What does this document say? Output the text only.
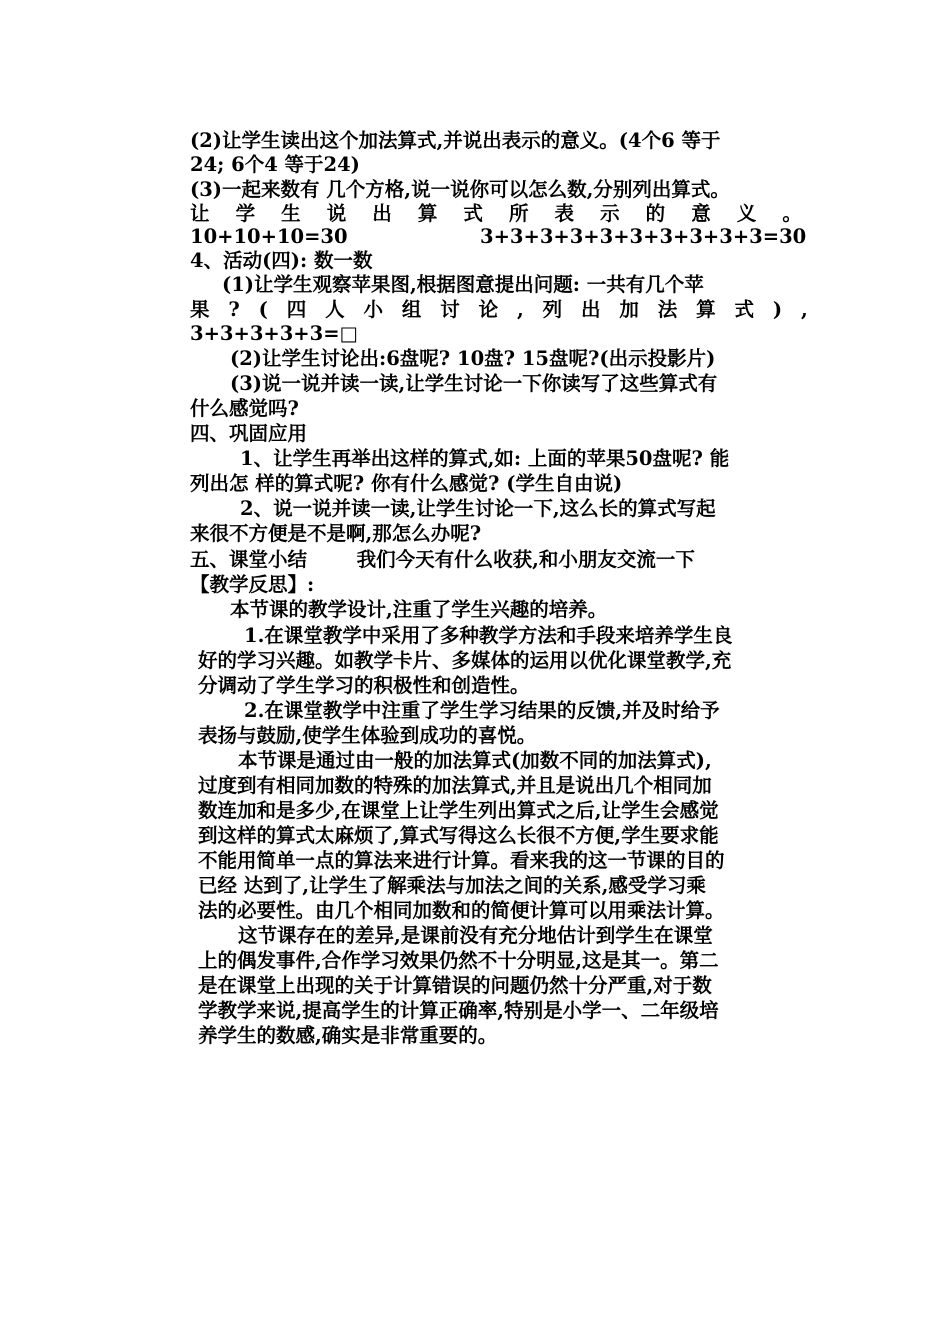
(2)让学生读出这个加法算式,并说出表示的意义。(4个6 等于
24; 6个4 等于24)
(3)一起来数有 几个方格,说一说你可以怎么数,分别列出算式。
让 学 生 说 出 算 式 所 表 示 的 意 义 。
10+10+10=30	3+3+3+3+3+3+3+3+3+3=30
4、活动(四): 数一数
(1)让学生观察苹果图,根据图意提出问题: 一共有几个苹
果 ? ( 四 人 小 组 讨 论 , 列 出 加 法 算 式 ) ,
3+3+3+3+3=□
(2)让学生讨论出:6盘呢? 10盘? 15盘呢?(出示投影片)
(3)说一说并读一读,让学生讨论一下你读写了这些算式有
什么感觉吗?
四、巩固应用
1、让学生再举出这样的算式,如: 上面的苹果50盘呢? 能
列出怎 样的算式呢? 你有什么感觉? (学生自由说)
2、说一说并读一读,让学生讨论一下,这么长的算式写起
来很不方便是不是啊,那怎么办呢?
五、课堂小结	我们今天有什么收获,和小朋友交流一下
【教学反思】:
本节课的教学设计,注重了学生兴趣的培养。
1.在课堂教学中采用了多种教学方法和手段来培养学生良
好的学习兴趣。如教学卡片、多媒体的运用以优化课堂教学,充
分调动了学生学习的积极性和创造性。
2.在课堂教学中注重了学生学习结果的反馈,并及时给予
表扬与鼓励,使学生体验到成功的喜悦。
本节课是通过由一般的加法算式(加数不同的加法算式),
过度到有相同加数的特殊的加法算式,并且是说出几个相同加
数连加和是多少,在课堂上让学生列出算式之后,让学生会感觉
到这样的算式太麻烦了,算式写得这么长很不方便,学生要求能
不能用简单一点的算法来进行计算。看来我的这一节课的目的
已经 达到了,让学生了解乘法与加法之间的关系,感受学习乘
法的必要性。由几个相同加数和的简便计算可以用乘法计算。
这节课存在的差异,是课前没有充分地估计到学生在课堂
上的偶发事件,合作学习效果仍然不十分明显,这是其一。第二
是在课堂上出现的关于计算错误的问题仍然十分严重,对于数
学教学来说,提高学生的计算正确率,特别是小学一、二年级培
养学生的数感,确实是非常重要的。
